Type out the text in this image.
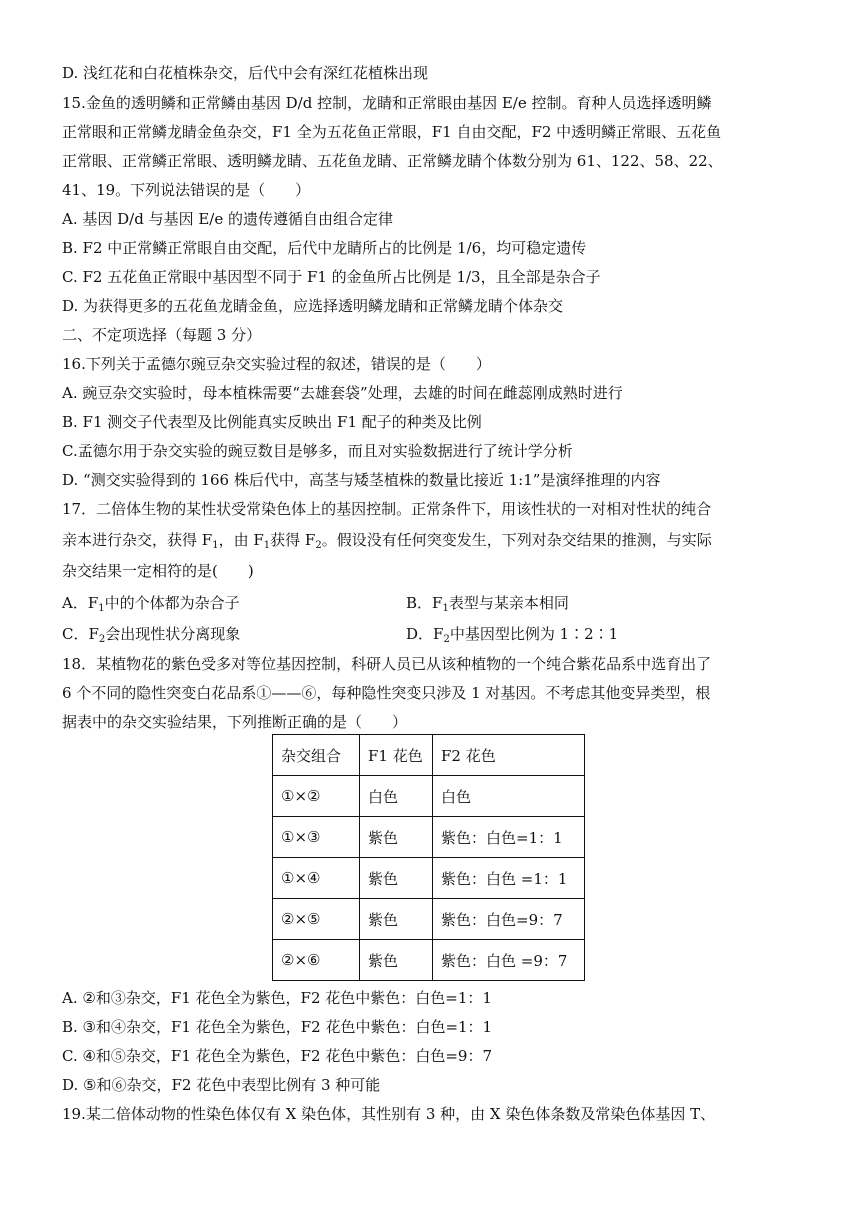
D. 浅红花和白花植株杂交，后代中会有深红花植株出现
15.金鱼的透明鳞和正常鳞由基因 D/d 控制，龙睛和正常眼由基因 E/e 控制。育种人员选择透明鳞
正常眼和正常鳞龙睛金鱼杂交，F1 全为五花鱼正常眼，F1 自由交配，F2 中透明鳞正常眼、五花鱼
正常眼、正常鳞正常眼、透明鳞龙睛、五花鱼龙睛、正常鳞龙睛个体数分别为 61、122、58、22、
41、19。下列说法错误的是（　　）
A. 基因 D/d 与基因 E/e 的遗传遵循自由组合定律
B. F2 中正常鳞正常眼自由交配，后代中龙睛所占的比例是 1/6，均可稳定遗传
C. F2 五花鱼正常眼中基因型不同于 F1 的金鱼所占比例是 1/3，且全部是杂合子
D. 为获得更多的五花鱼龙睛金鱼，应选择透明鳞龙睛和正常鳞龙睛个体杂交
二、不定项选择（每题 3 分）
16.下列关于孟德尔豌豆杂交实验过程的叙述，错误的是（　　）
A. 豌豆杂交实验时，母本植株需要“去雄套袋”处理，去雄的时间在雌蕊刚成熟时进行
B. F1 测交子代表型及比例能真实反映出 F1 配子的种类及比例
C.孟德尔用于杂交实验的豌豆数目是够多，而且对实验数据进行了统计学分析
D. “测交实验得到的 166 株后代中，高茎与矮茎植株的数量比接近 1:1”是演绎推理的内容
17．二倍体生物的某性状受常染色体上的基因控制。正常条件下，用该性状的一对相对性状的纯合
亲本进行杂交，获得 $F_1$，由 $F_1$获得 $F_2$。假设没有任何突变发生，下列对杂交结果的推测，与实际
杂交结果一定相符的是(　　)
A．$F_1$中的个体都为杂合子	B．$F_1$表型与某亲本相同
C．$F_2$会出现性状分离现象	D．$F_2$中基因型比例为 1∶2∶1
18．某植物花的紫色受多对等位基因控制，科研人员已从该种植物的一个纯合紫花品系中选育出了
6 个不同的隐性突变白花品系①——⑥，每种隐性突变只涉及 1 对基因。不考虑其他变异类型，根
据表中的杂交实验结果，下列推断正确的是（　　）
杂交组合	F1 花色	F2 花色
①×②	白色	白色
①×③	紫色	紫色：白色=1：1
①×④	紫色	紫色：白色 =1：1
②×⑤	紫色	紫色：白色=9：7
②×⑥	紫色	紫色：白色 =9：7
A. ②和③杂交，F1 花色全为紫色，F2 花色中紫色：白色=1：1
B. ③和④杂交，F1 花色全为紫色，F2 花色中紫色：白色=1：1
C. ④和⑤杂交，F1 花色全为紫色，F2 花色中紫色：白色=9：7
D. ⑤和⑥杂交，F2 花色中表型比例有 3 种可能
19.某二倍体动物的性染色体仅有 X 染色体，其性别有 3 种，由 X 染色体条数及常染色体基因 T、
